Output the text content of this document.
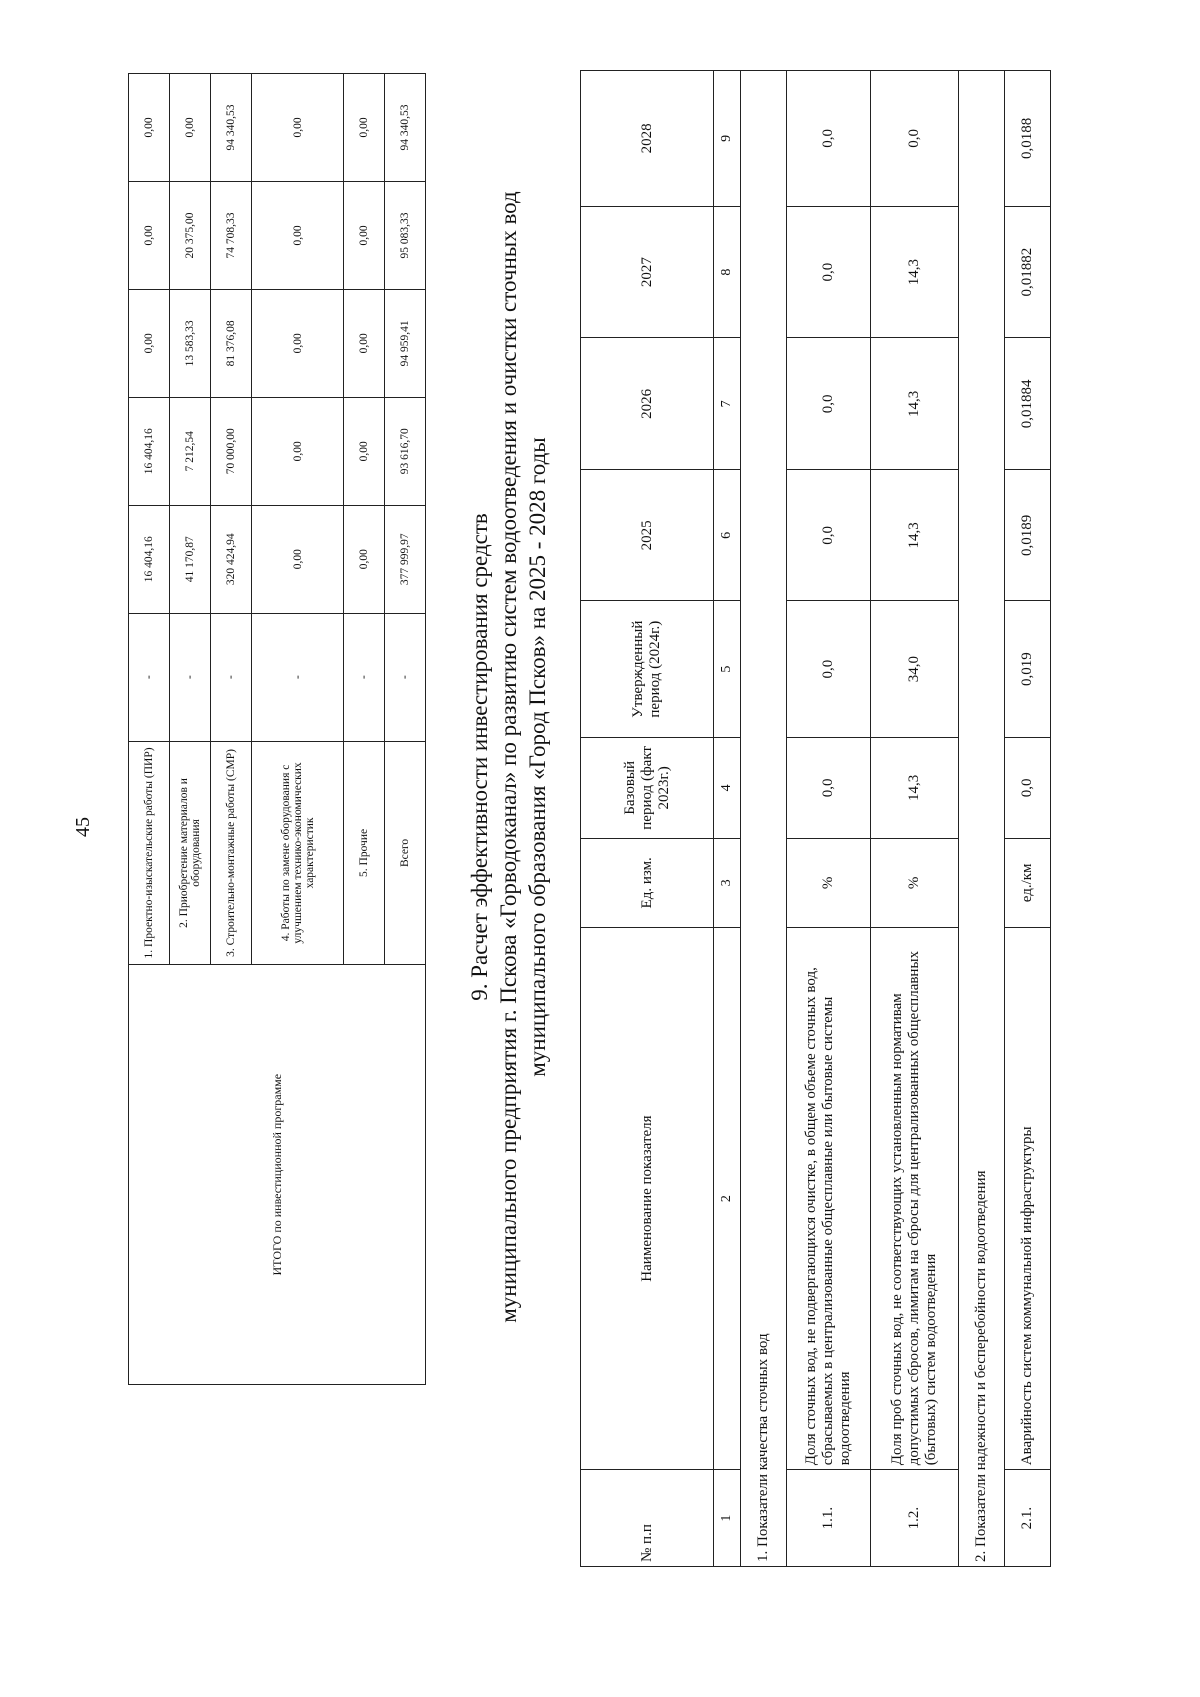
45
ИТОГО по инвестиционной программе	1. Проектно-изыскательские работы (ПИР)	-	16 404,16	16 404,16	0,00	0,00	0,00
	2. Приобретение материалов и оборудования	-	41 170,87	7 212,54	13 583,33	20 375,00	0,00
	3. Строительно-монтажные работы (СМР)	-	320 424,94	70 000,00	81 376,08	74 708,33	94 340,53
	4. Работы по замене оборудования с улучшением технико-экономических характеристик	-	0,00	0,00	0,00	0,00	0,00
	5. Прочие	-	0,00	0,00	0,00	0,00	0,00
	Всего	-	377 999,97	93 616,70	94 959,41	95 083,33	94 340,53
9. Расчет эффективности инвестирования средств муниципального предприятия г. Пскова «Горводоканал» по развитию систем водоотведения и очистки сточных вод муниципального образования «Город Псков» на 2025 - 2028 годы
№ п.п	Наименование показателя	Ед. изм.	Базовый период (факт 2023г.)	Утвержденный период (2024г.)	2025	2026	2027	2028
1	2	3	4	5	6	7	8	9
1. Показатели качества сточных вод								
1.1.	Доля сточных вод, не подвергающихся очистке, в общем объеме сточных вод, сбрасываемых в централизованные общесплавные или бытовые системы водоотведения	%	0,0	0,0	0,0	0,0	0,0	0,0
1.2.	Доля проб сточных вод, не соответствующих установленным нормативам допустимых сбросов, лимитам на сбросы для централизованных общесплавных (бытовых) систем водоотведения	%	14,3	34,0	14,3	14,3	14,3	0,0
2. Показатели надежности и бесперебойности водоотведения								
2.1.	Аварийность систем коммунальной инфраструктуры	ед./км	0,0	0,019	0,0189	0,01884	0,01882	0,0188
